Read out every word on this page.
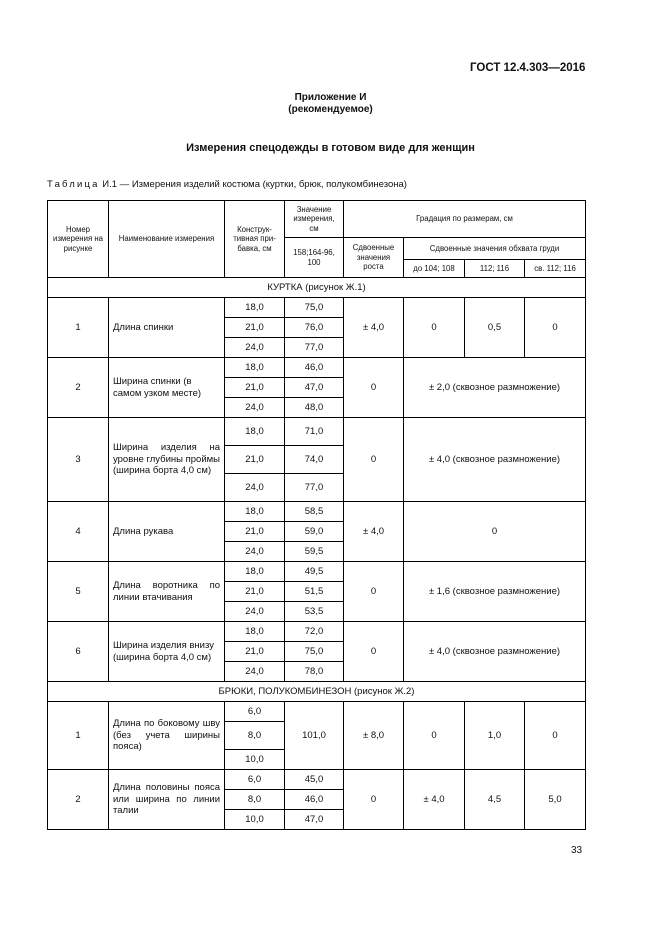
ГОСТ 12.4.303—2016
Приложение И
(рекомендуемое)
Измерения спецодежды в готовом виде для женщин
Таблица И.1 — Измерения изделий костюма (куртки, брюк, полукомбинезона)
Номер измерения на рисунке	Наименование измерения	Конструк-тивная при-бавка, см	Значение измерения, см	Градация по размерам, см			
			158;164-96, 100	Сдвоенные значения роста	Сдвоенные значения обхвата груди		
					до 104; 108	112; 116	св. 112; 116
КУРТКА (рисунок Ж.1)							
1	Длина спинки	18,0	75,0	± 4,0	0	0,5	0
		21,0	76,0				
		24,0	77,0				
2	Ширина спинки (в самом узком месте)	18,0	46,0	0	± 2,0 (сквозное размножение)		
		21,0	47,0				
		24,0	48,0				
3	Ширина изделия на уровне глубины проймы (ширина борта 4,0 см)	18,0	71,0	0	± 4,0 (сквозное размножение)		
		21,0	74,0				
		24,0	77,0				
4	Длина рукава	18,0	58,5	± 4,0	0		
		21,0	59,0				
		24,0	59,5				
5	Длина воротника по линии втачивания	18,0	49,5	0	± 1,6 (сквозное размножение)		
		21,0	51,5				
		24,0	53,5				
6	Ширина изделия внизу (ширина борта 4,0 см)	18,0	72,0	0	± 4,0 (сквозное размножение)		
		21,0	75,0				
		24,0	78,0				
БРЮКИ, ПОЛУКОМБИНЕЗОН (рисунок Ж.2)							
1	Длина по боковому шву (без учета ширины пояса)	6,0	101,0	± 8,0	0	1,0	0
		8,0					
		10,0					
2	Длина половины пояса или ширина по линии талии	6,0	45,0	0	± 4,0	4,5	5,0
		8,0	46,0				
		10,0	47,0				
33
